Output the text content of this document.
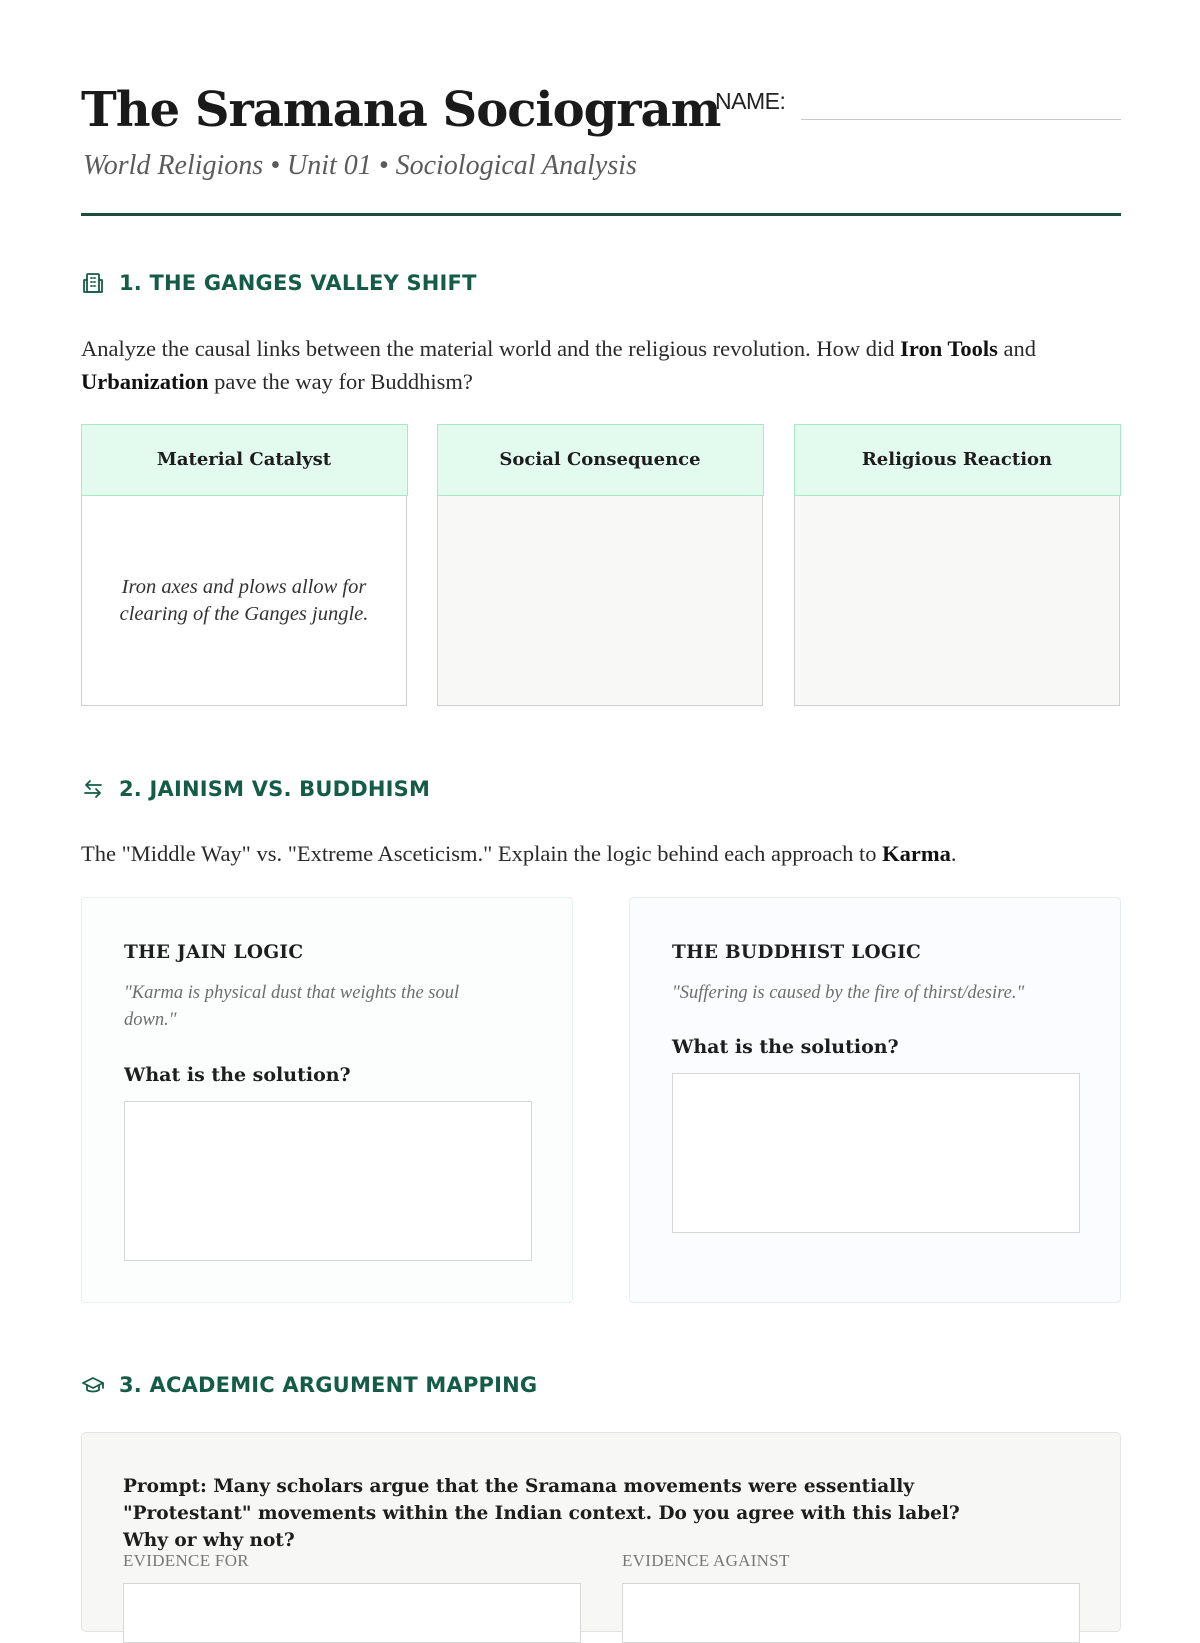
The Sramana Sociogram
World Religions • Unit 01 • Sociological Analysis
NAME:
1. THE GANGES VALLEY SHIFT
Analyze the causal links between the material world and the religious revolution. How did Iron Tools and Urbanization pave the way for Buddhism?
Material Catalyst
Iron axes and plows allow for clearing of the Ganges jungle.
Social Consequence	Religious Reaction
2. JAINISM VS. BUDDHISM
The "Middle Way" vs. "Extreme Asceticism." Explain the logic behind each approach to Karma.
THE JAIN LOGIC
"Karma is physical dust that weights the soul down."
What is the solution?
THE BUDDHIST LOGIC
"Suffering is caused by the fire of thirst/desire."
What is the solution?
3. ACADEMIC ARGUMENT MAPPING
Prompt: Many scholars argue that the Sramana movements were essentially "Protestant" movements within the Indian context. Do you agree with this label? Why or why not?
EVIDENCE FOR	EVIDENCE AGAINST
